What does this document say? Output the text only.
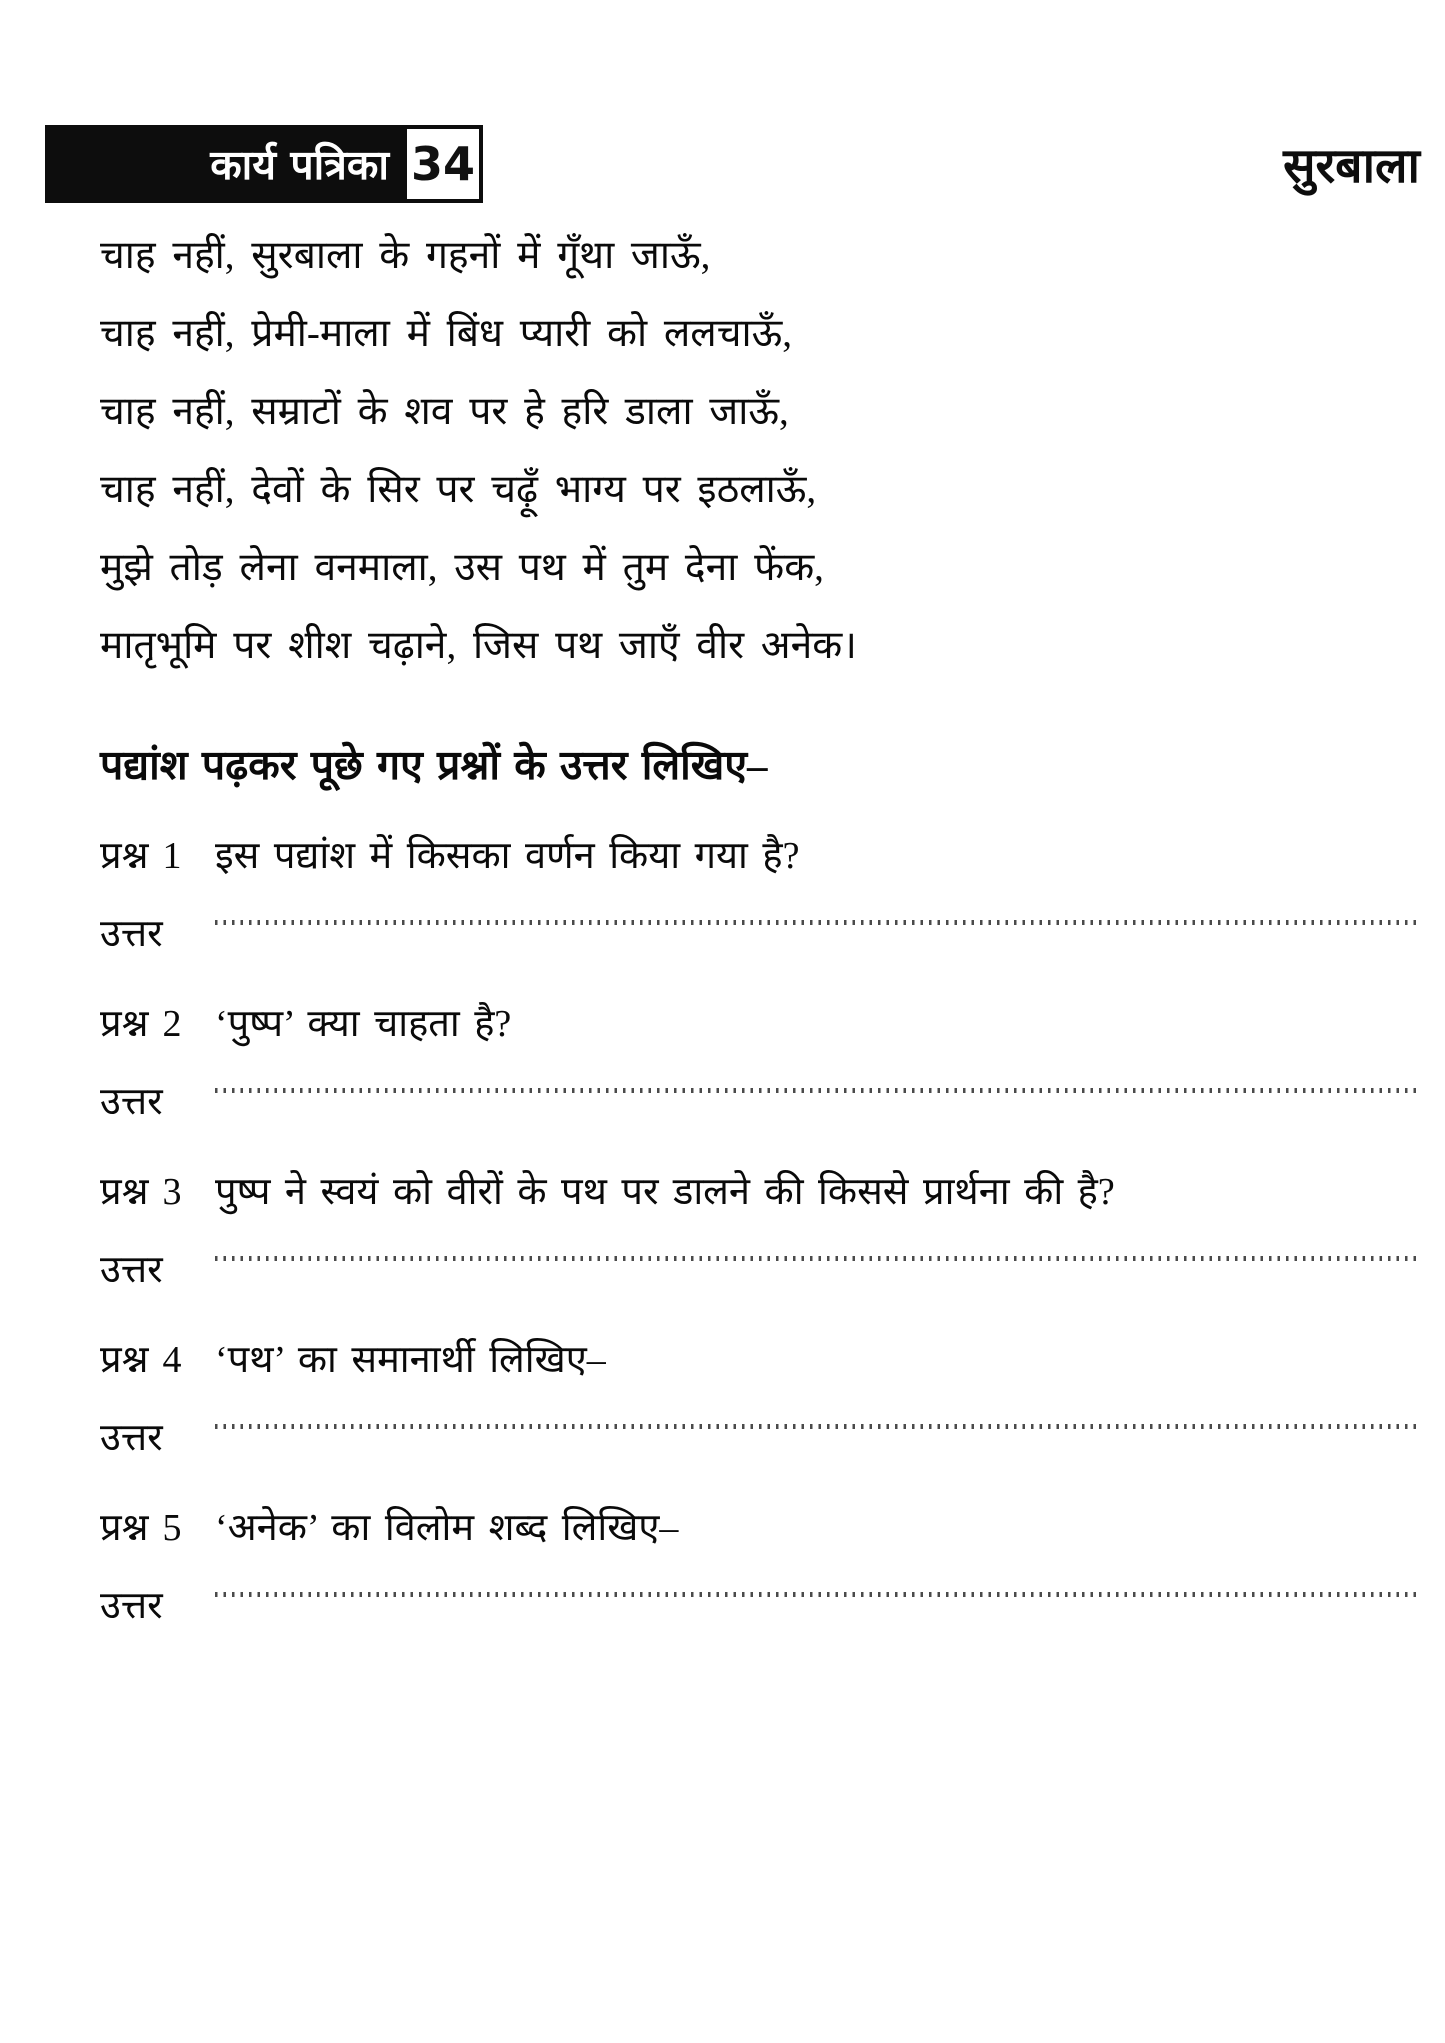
कार्य पत्रिका 34	सुरबाला

चाह नहीं, सुरबाला के गहनों में गूँथा जाऊँ,

चाह नहीं, प्रेमी-माला में बिंध प्यारी को ललचाऊँ,

चाह नहीं, सम्राटों के शव पर हे हरि डाला जाऊँ,

चाह नहीं, देवों के सिर पर चढ़ूँ भाग्य पर इठलाऊँ,

मुझे तोड़ लेना वनमाला, उस पथ में तुम देना फेंक,

मातृभूमि पर शीश चढ़ाने, जिस पथ जाएँ वीर अनेक।

पद्यांश पढ़कर पूछे गए प्रश्नों के उत्तर लिखिए–
प्रश्न 1 इस पद्यांश में किसका वर्णन किया गया है?
उत्तर
प्रश्न 2 ‘पुष्प’ क्या चाहता है?
उत्तर
प्रश्न 3 पुष्प ने स्वयं को वीरों के पथ पर डालने की किससे प्रार्थना की है?
उत्तर
प्रश्न 4 ‘पथ’ का समानार्थी लिखिए–
उत्तर
प्रश्न 5 ‘अनेक’ का विलोम शब्द लिखिए–
उत्तर
